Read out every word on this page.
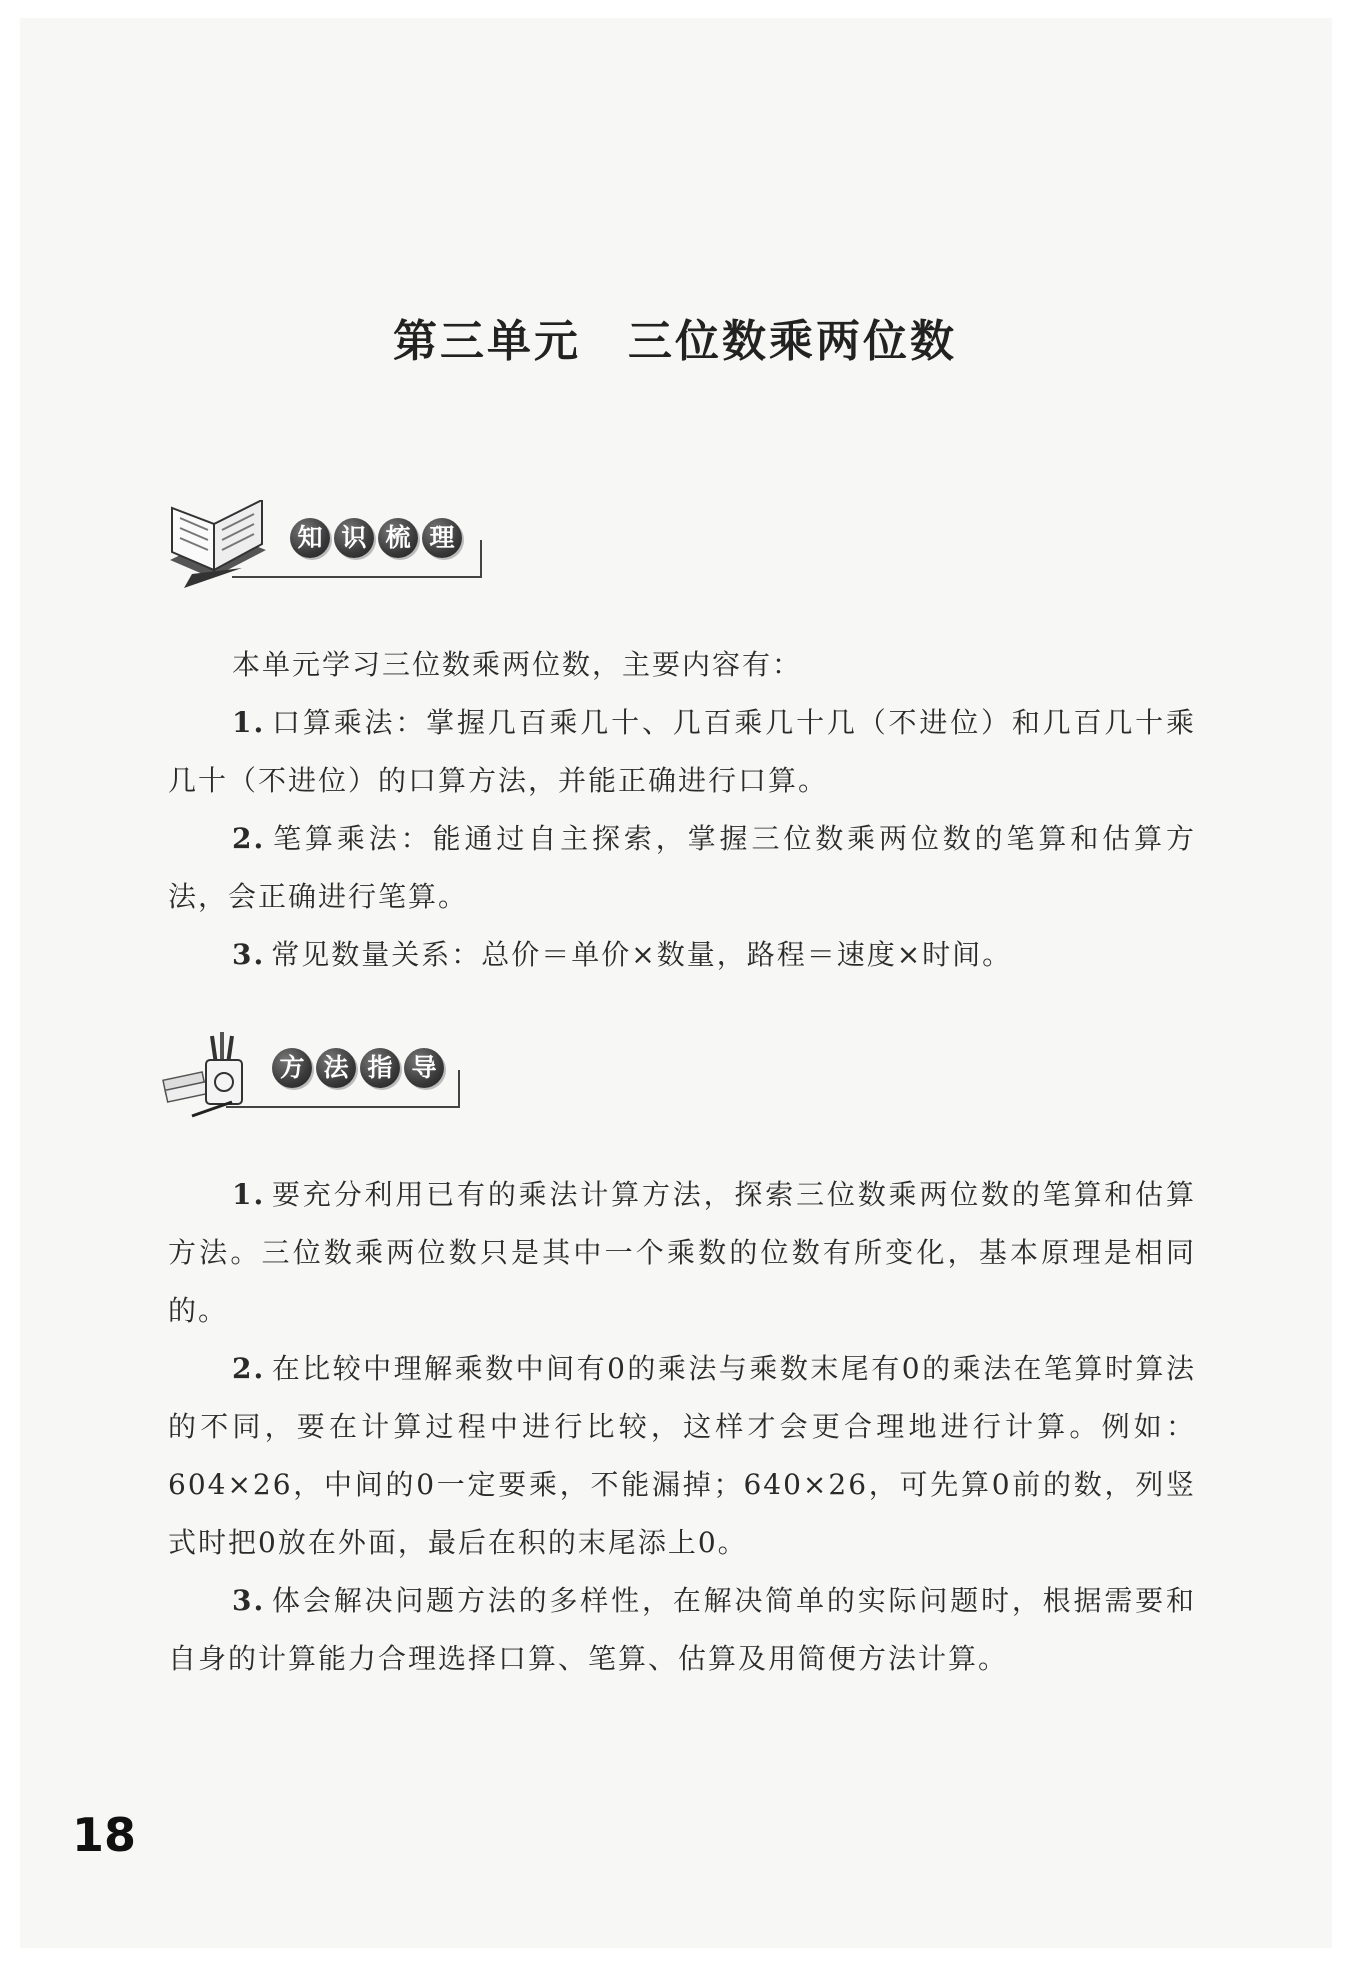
第三单元　三位数乘两位数
知 识 梳 理

本单元学习三位数乘两位数，主要内容有：

1. 口算乘法：掌握几百乘几十、几百乘几十几（不进位）和几百几十乘几十（不进位）的口算方法，并能正确进行口算。

2. 笔算乘法：能通过自主探索，掌握三位数乘两位数的笔算和估算方法，会正确进行笔算。

3. 常见数量关系：总价＝单价×数量，路程＝速度×时间。

方 法 指 导

1. 要充分利用已有的乘法计算方法，探索三位数乘两位数的笔算和估算方法。三位数乘两位数只是其中一个乘数的位数有所变化，基本原理是相同的。

2. 在比较中理解乘数中间有0的乘法与乘数末尾有0的乘法在笔算时算法的不同，要在计算过程中进行比较，这样才会更合理地进行计算。例如：604×26，中间的0一定要乘，不能漏掉；640×26，可先算0前的数，列竖式时把0放在外面，最后在积的末尾添上0。

3. 体会解决问题方法的多样性，在解决简单的实际问题时，根据需要和自身的计算能力合理选择口算、笔算、估算及用简便方法计算。

18
